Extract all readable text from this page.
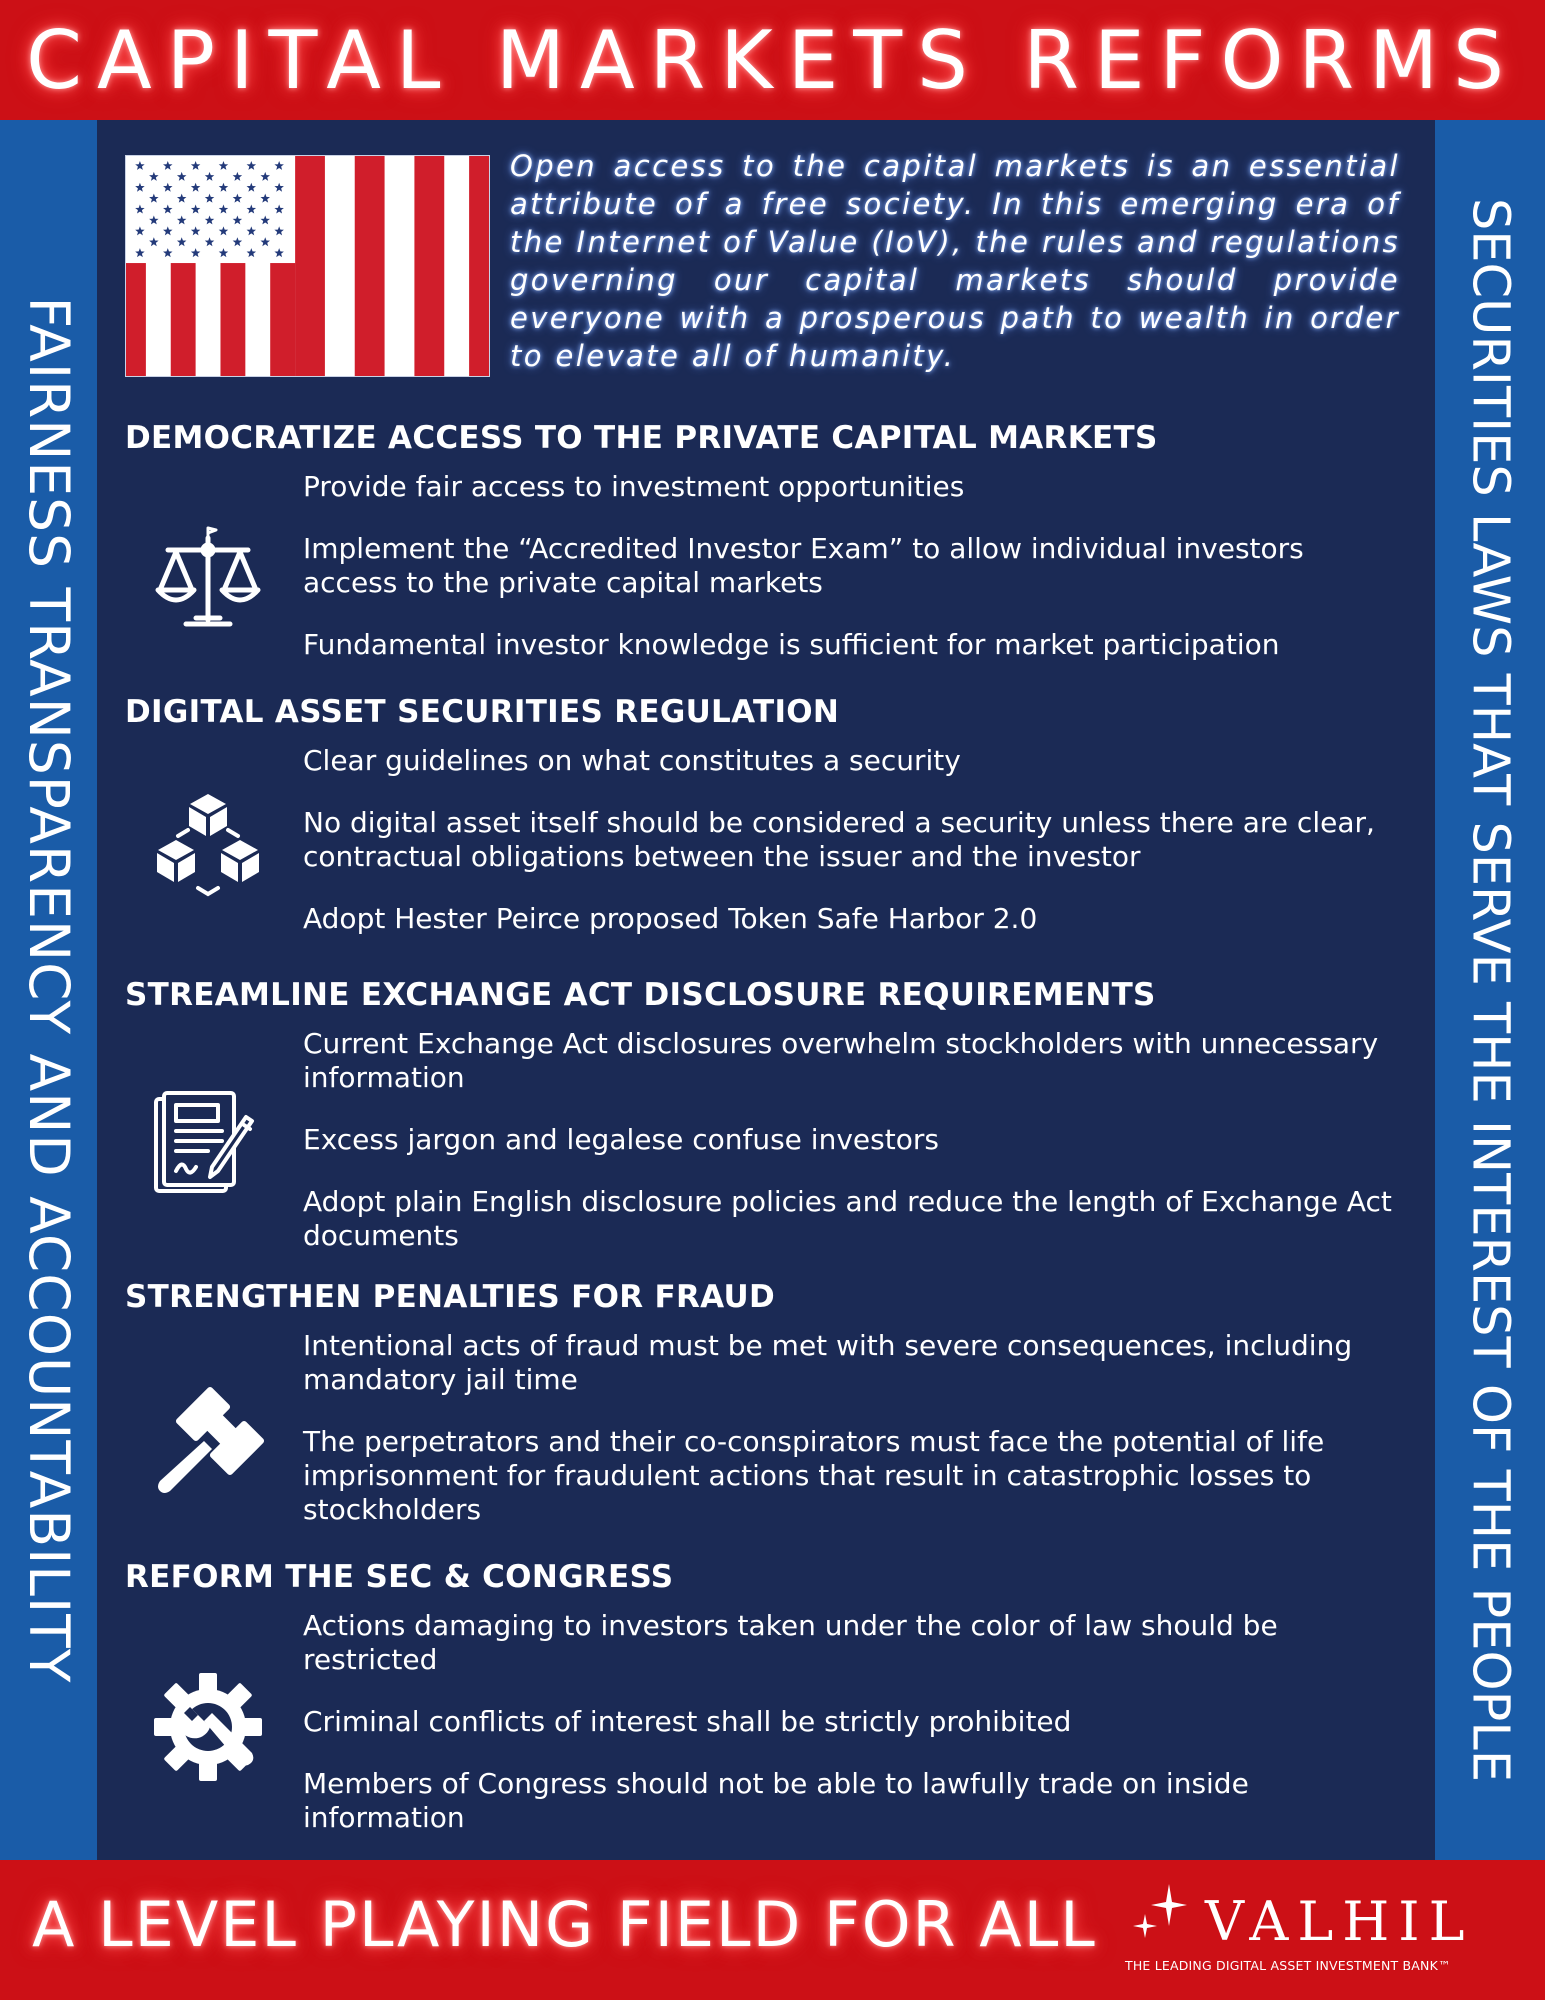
CAPITAL MARKETS REFORMS
FAIRNESS TRANSPARENCY AND ACCOUNTABILITY	SECURITIES LAWS THAT SERVE THE INTEREST OF THE PEOPLE
Open access to the capital markets is an essential attribute of a free society. In this emerging era of the Internet of Value (IoV), the rules and regulations governing our capital markets should provide everyone with a prosperous path to wealth in order to elevate all of humanity.
DEMOCRATIZE ACCESS TO THE PRIVATE CAPITAL MARKETS
Provide fair access to investment opportunities
Implement the “Accredited Investor Exam” to allow individual investors access to the private capital markets
Fundamental investor knowledge is sufficient for market participation
DIGITAL ASSET SECURITIES REGULATION
Clear guidelines on what constitutes a security
No digital asset itself should be considered a security unless there are clear, contractual obligations between the issuer and the investor
Adopt Hester Peirce proposed Token Safe Harbor 2.0
STREAMLINE EXCHANGE ACT DISCLOSURE REQUIREMENTS
Current Exchange Act disclosures overwhelm stockholders with unnecessary information
Excess jargon and legalese confuse investors
Adopt plain English disclosure policies and reduce the length of Exchange Act documents
STRENGTHEN PENALTIES FOR FRAUD
Intentional acts of fraud must be met with severe consequences, including mandatory jail time
The perpetrators and their co-conspirators must face the potential of life imprisonment for fraudulent actions that result in catastrophic losses to stockholders
REFORM THE SEC & CONGRESS
Actions damaging to investors taken under the color of law should be restricted
Criminal conflicts of interest shall be strictly prohibited
Members of Congress should not be able to lawfully trade on inside information
A LEVEL PLAYING FIELD FOR ALL VALHIL
THE LEADING DIGITAL ASSET INVESTMENT BANK™
